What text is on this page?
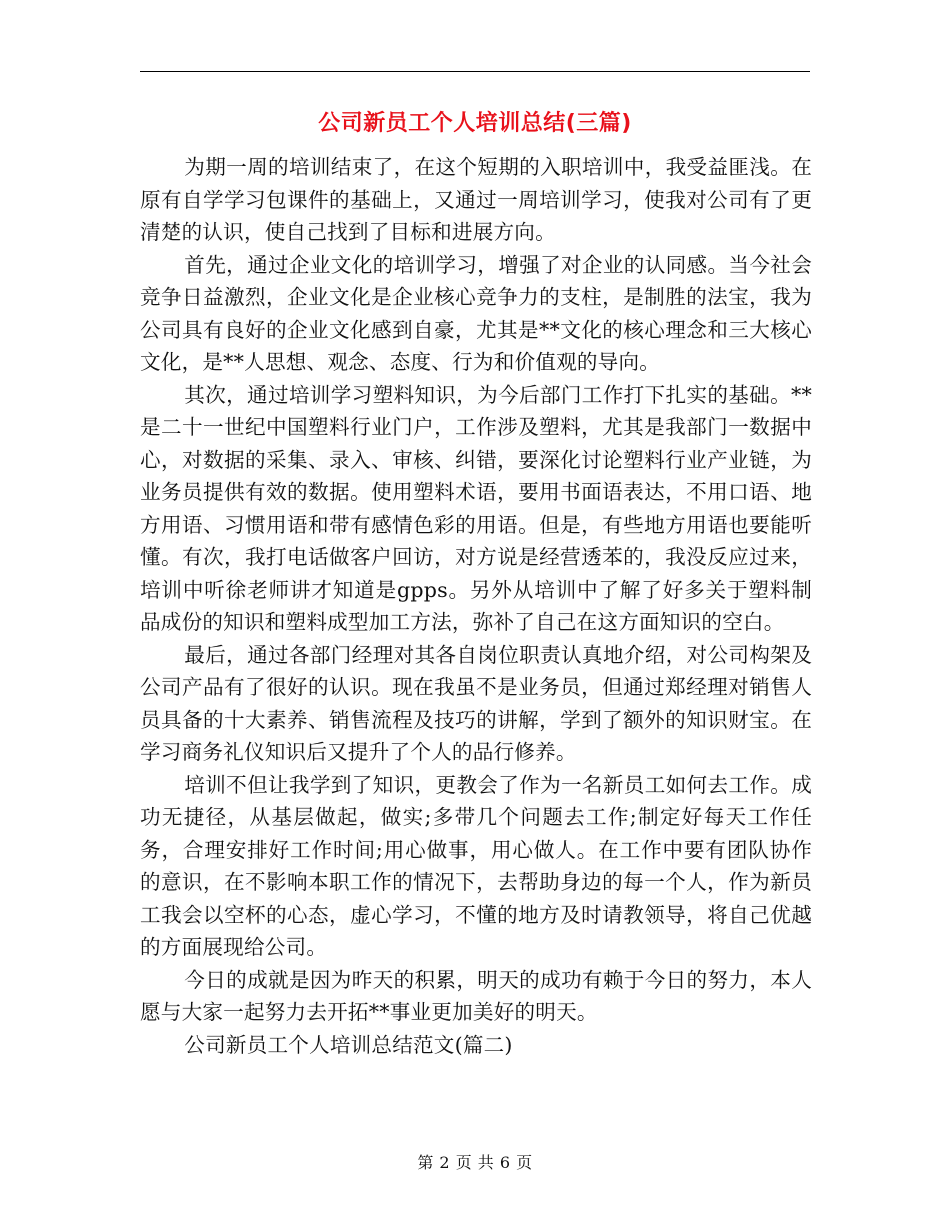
公司新员工个人培训总结(三篇)

为期一周的培训结束了，在这个短期的入职培训中，我受益匪浅。在原有自学学习包课件的基础上，又通过一周培训学习，使我对公司有了更清楚的认识，使自己找到了目标和进展方向。

首先，通过企业文化的培训学习，增强了对企业的认同感。当今社会竞争日益激烈，企业文化是企业核心竞争力的支柱，是制胜的法宝，我为公司具有良好的企业文化感到自豪，尤其是**文化的核心理念和三大核心文化，是**人思想、观念、态度、行为和价值观的导向。

其次，通过培训学习塑料知识，为今后部门工作打下扎实的基础。**是二十一世纪中国塑料行业门户，工作涉及塑料，尤其是我部门一数据中心，对数据的采集、录入、审核、纠错，要深化讨论塑料行业产业链，为业务员提供有效的数据。使用塑料术语，要用书面语表达，不用口语、地方用语、习惯用语和带有感情色彩的用语。但是，有些地方用语也要能听懂。有次，我打电话做客户回访，对方说是经营透苯的，我没反应过来，培训中听徐老师讲才知道是gpps。另外从培训中了解了好多关于塑料制品成份的知识和塑料成型加工方法，弥补了自己在这方面知识的空白。

最后，通过各部门经理对其各自岗位职责认真地介绍，对公司构架及公司产品有了很好的认识。现在我虽不是业务员，但通过郑经理对销售人员具备的十大素养、销售流程及技巧的讲解，学到了额外的知识财宝。在学习商务礼仪知识后又提升了个人的品行修养。

培训不但让我学到了知识，更教会了作为一名新员工如何去工作。成功无捷径，从基层做起，做实;多带几个问题去工作;制定好每天工作任务，合理安排好工作时间;用心做事，用心做人。在工作中要有团队协作的意识，在不影响本职工作的情况下，去帮助身边的每一个人，作为新员工我会以空杯的心态，虚心学习，不懂的地方及时请教领导，将自己优越的方面展现给公司。

今日的成就是因为昨天的积累，明天的成功有赖于今日的努力，本人愿与大家一起努力去开拓**事业更加美好的明天。

公司新员工个人培训总结范文(篇二)

第 2 页 共 6 页
